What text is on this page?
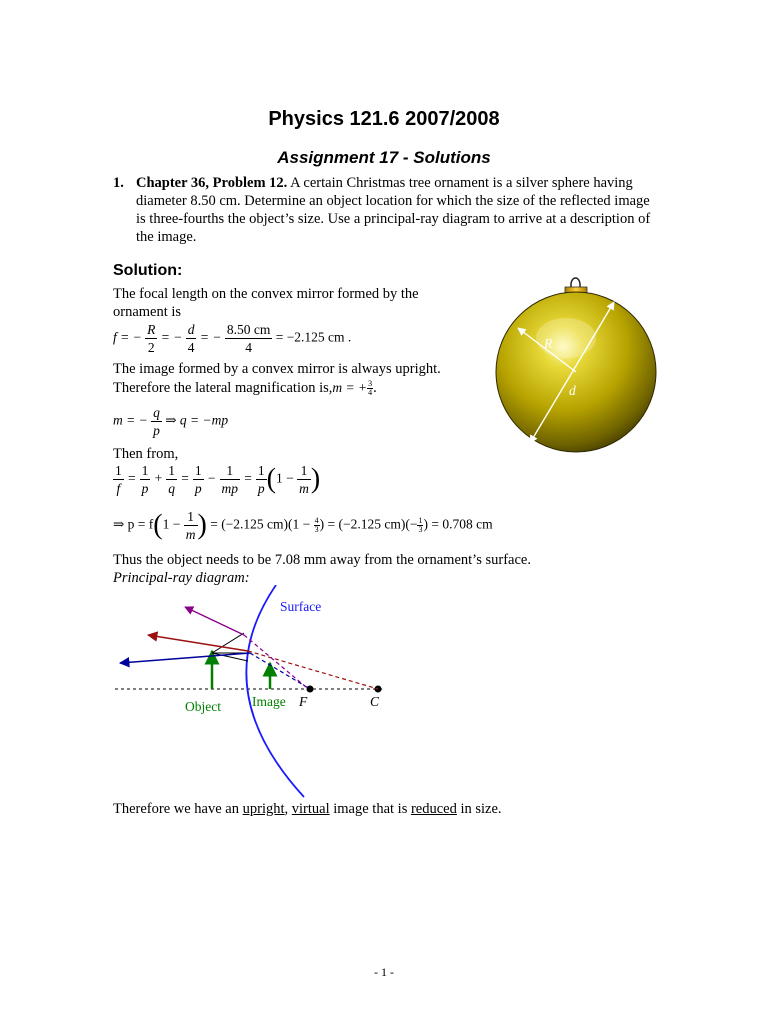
Physics 121.6 2007/2008
Assignment 17 - Solutions
1. Chapter 36, Problem 12. A certain Christmas tree ornament is a silver sphere having diameter 8.50 cm. Determine an object location for which the size of the reflected image is three-fourths the object’s size. Use a principal-ray diagram to arrive at a description of the image.
Solution:
The focal length on the convex mirror formed by the
ornament is
f = − $\frac{R}{2}$ = − $\frac{d}{4}$ = − $\frac{8.50 cm}{4} = -2.125$ cm .
The image formed by a convex mirror is always upright.
Therefore the lateral magnification is,m = + $\frac{3}{4}$ .
m = − $\frac{q}{p}$ ⇒ q = −mp
Then from,
$\frac{1}{f} = \frac{1}{p} + \frac{1}{q} = \frac{1}{p} - \frac{1}{mp} = \frac{1}{p} (1 - \frac{1}{m}$ )
⇒ $p = f(1 - \frac{1}{m}$ ) = (−2.125 $cm)(1 - \frac{4}{3}$ ) = (−2.125 $cm)(- \frac{1}{3}$ ) = 0.708 cm
Thus the object needs to be 7.08 mm away from the ornament’s surface.
Principal-ray diagram:
R
d
Surface
Object Image F	C
Therefore we have an upright, virtual image that is reduced in size.
- 1 -
